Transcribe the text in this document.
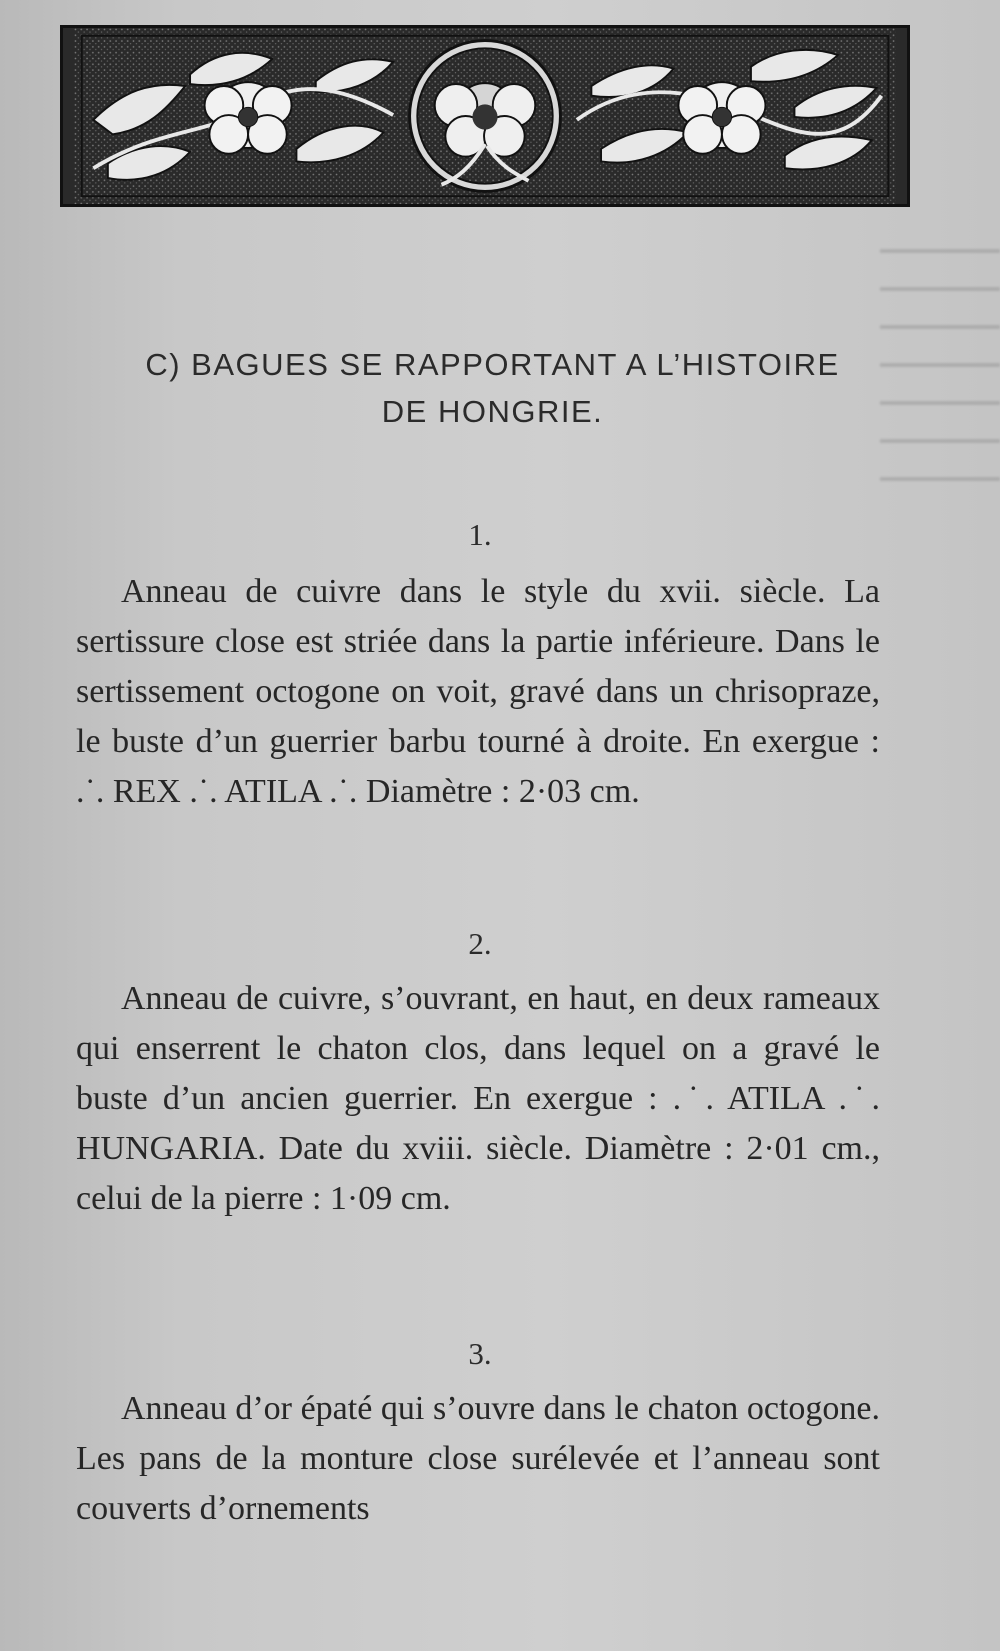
C) BAGUES SE RAPPORTANT A L’HISTOIRE
DE HONGRIE.
1.
Anneau de cuivre dans le style du xvii. siècle. La sertissure close est striée dans la partie inférieure. Dans le sertissement octogone on voit, gravé dans un chrisopraze, le buste d’un guerrier barbu tourné à droite. En exergue : .˙. REX .˙. ATILA .˙. Diamètre : 2·03 cm.
2.
Anneau de cuivre, s’ouvrant, en haut, en deux rameaux qui enserrent le chaton clos, dans lequel on a gravé le buste d’un ancien guerrier. En exergue : .˙. ATILA .˙. HUNGARIA. Date du xviii. siècle. Diamètre : 2·01 cm., celui de la pierre : 1·09 cm.
3.
Anneau d’or épaté qui s’ouvre dans le chaton octogone. Les pans de la monture close surélevée et l’anneau sont couverts d’ornements
